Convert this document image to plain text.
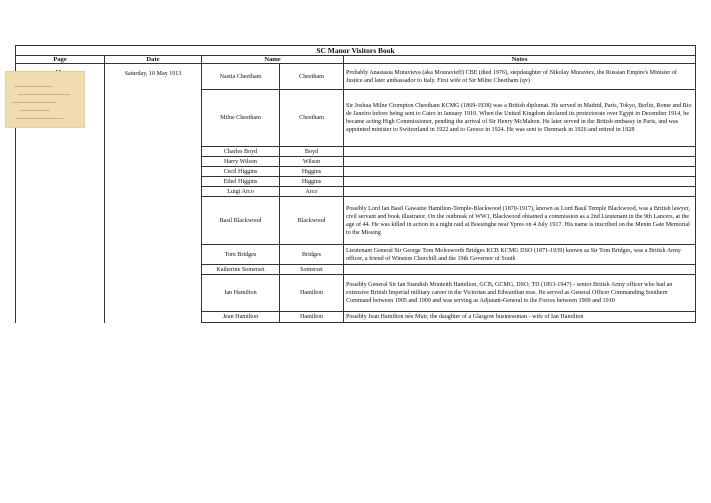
SC Manor Visitors Book				
Page	Date	Name		Notes
	Saturday, 10 May 1913	Nastia Cheetham	Cheetham	Probably Anastasia Muravieva (aka Mouravieff) CBE (died 1976), stepdaughter of Nikolay Muraviev, the Russian Empire's Minister of Justice and later ambassador to Italy. First wife of Sir Milne Cheetham (qv)
		Milne Cheetham	Cheetham	Sir Joshua Milne Crompton Cheetham KCMG (1869-1938) was a British diplomat. He served in Madrid, Paris, Tokyo, Berlin, Rome and Rio de Janeiro before being sent to Cairo in January 1910. When the United Kingdom declared its protectorate over Egypt in December 1914, he became acting High Commissioner, pending the arrival of Sir Henry McMahon. He later served in the British embassy in Paris, and was appointed minister to Switzerland in 1922 and to Greece in 1924. He was sent to Denmark in 1926 and retired in 1928
		Charles Boyd	Boyd	
		Harry Wilson	Wilson	
		Cecil Higgins	Higgins	
		Ethel Higgins	Higgins	
		Luigi Arco	Arco	
		Basil Blackwood	Blackwood	Possibly Lord Ian Basil Gawaine Hamilton-Temple-Blackwood (1870-1917), known as Lord Basil Temple Blackwood, was a British lawyer, civil servant and book illustrator. On the outbreak of WW1, Blackwood obtained a commission as a 2nd Lieutenant in the 9th Lancers, at the age of 44. He was killed in action in a night raid at Boesinghe near Ypres on 4 July 1917. His name is inscribed on the Menin Gate Memorial to the Missing
		Tom Bridges	Bridges	Lieutenant General Sir George Tom Molesworth Bridges KCB KCMG DSO (1871-1939) known as Sir Tom Bridges, was a British Army officer, a friend of Winston Churchill and the 19th Governor of South
		Katherine Somerset	Somerset	
		Ian Hamilton	Hamilton	Possibly General Sir Ian Standish Monteith Hamilton, GCB, GCMG, DSO, TD (1853-1947) - senior British Army officer who had an extensive British Imperial military career in the Victorian and Edwardian eras. He served as General Officer Commanding Southern Command between 1905 and 1909 and was serving as Adjutant-General to the Forces between 1909 and 1910
		Jean Hamilton	Hamilton	Possibly Jean Hamilton née Muir, the daughter of a Glasgow businessman - wife of Ian Hamilton
